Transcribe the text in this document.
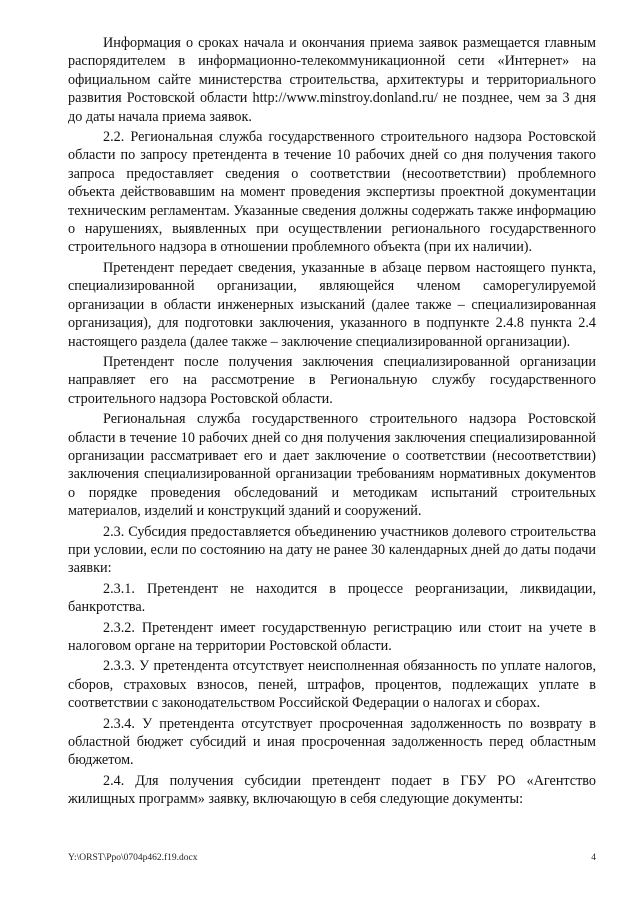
Информация о сроках начала и окончания приема заявок размещается главным распорядителем в информационно-телекоммуникационной сети «Интернет» на официальном сайте министерства строительства, архитектуры и территориального развития Ростовской области http://www.minstroy.donland.ru/ не позднее, чем за 3 дня до даты начала приема заявок.

2.2. Региональная служба государственного строительного надзора Ростовской области по запросу претендента в течение 10 рабочих дней со дня получения такого запроса предоставляет сведения о соответствии (несоответствии) проблемного объекта действовавшим на момент проведения экспертизы проектной документации техническим регламентам. Указанные сведения должны содержать также информацию о нарушениях, выявленных при осуществлении регионального государственного строительного надзора в отношении проблемного объекта (при их наличии).

Претендент передает сведения, указанные в абзаце первом настоящего пункта, специализированной организации, являющейся членом саморегулируемой организации в области инженерных изысканий (далее также – специализированная организация), для подготовки заключения, указанного в подпункте 2.4.8 пункта 2.4 настоящего раздела (далее также – заключение специализированной организации).

Претендент после получения заключения специализированной организации направляет его на рассмотрение в Региональную службу государственного строительного надзора Ростовской области.

Региональная служба государственного строительного надзора Ростовской области в течение 10 рабочих дней со дня получения заключения специализированной организации рассматривает его и дает заключение о соответствии (несоответствии) заключения специализированной организации требованиям нормативных документов о порядке проведения обследований и методикам испытаний строительных материалов, изделий и конструкций зданий и сооружений.

2.3. Субсидия предоставляется объединению участников долевого строительства при условии, если по состоянию на дату не ранее 30 календарных дней до даты подачи заявки:

2.3.1. Претендент не находится в процессе реорганизации, ликвидации, банкротства.

2.3.2. Претендент имеет государственную регистрацию или стоит на учете в налоговом органе на территории Ростовской области.

2.3.3. У претендента отсутствует неисполненная обязанность по уплате налогов, сборов, страховых взносов, пеней, штрафов, процентов, подлежащих уплате в соответствии с законодательством Российской Федерации о налогах и сборах.

2.3.4. У претендента отсутствует просроченная задолженность по возврату в областной бюджет субсидий и иная просроченная задолженность перед областным бюджетом.

2.4. Для получения субсидии претендент подает в ГБУ РО «Агентство жилищных программ» заявку, включающую в себя следующие документы:

Y:\ORST\Ppo\0704p462.f19.docx	4
